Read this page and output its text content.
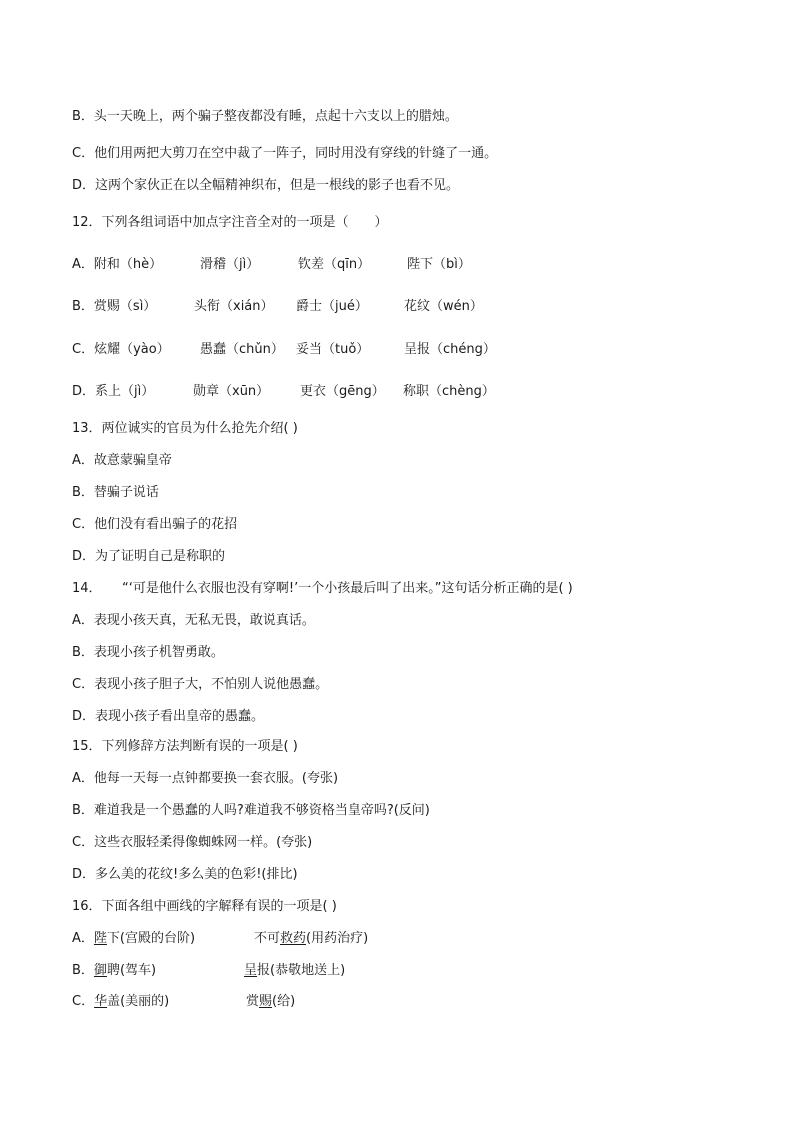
B．头一天晚上，两个骗子整夜都没有睡，点起十六支以上的腊烛。
C．他们用两把大剪刀在空中裁了一阵子，同时用没有穿线的针缝了一通。
D．这两个家伙正在以全幅精神织布，但是一根线的影子也看不见。
12．下列各组词语中加点字注音全对的一项是（　　）
A．附和（hè）	滑稽（jì）	钦差（qīn）	陛下（bì）
B．赏赐（sì）	头衔（xián） 爵士（jué）	花纹（wén）
C．炫耀（yào） 愚蠢（chǔn） 妥当（tuǒ）	呈报（chéng）
D．系上（jì）	勋章（xūn） 更衣（gēng） 称职（chèng）
13．两位诚实的官员为什么抢先介绍( )
A．故意蒙骗皇帝
B．替骗子说话
C．他们没有看出骗子的花招
D．为了证明自己是称职的
14． “‘可是他什么衣服也没有穿啊!’一个小孩最后叫了出来。”这句话分析正确的是( )
A．表现小孩天真，无私无畏，敢说真话。
B．表现小孩子机智勇敢。
C．表现小孩子胆子大，不怕别人说他愚蠢。
D．表现小孩子看出皇帝的愚蠢。
15．下列修辞方法判断有误的一项是( )
A．他每一天每一点钟都要换一套衣服。(夸张)
B．难道我是一个愚蠢的人吗?难道我不够资格当皇帝吗?(反问)
C．这些衣服轻柔得像蜘蛛网一样。(夸张)
D．多么美的花纹!多么美的色彩!(排比)
16．下面各组中画线的字解释有误的一项是( )
A．陛下(宫殿的台阶)	不可救药(用药治疗)
B．御聘(驾车)	呈报(恭敬地送上)
C．华盖(美丽的)	赏赐(给)
